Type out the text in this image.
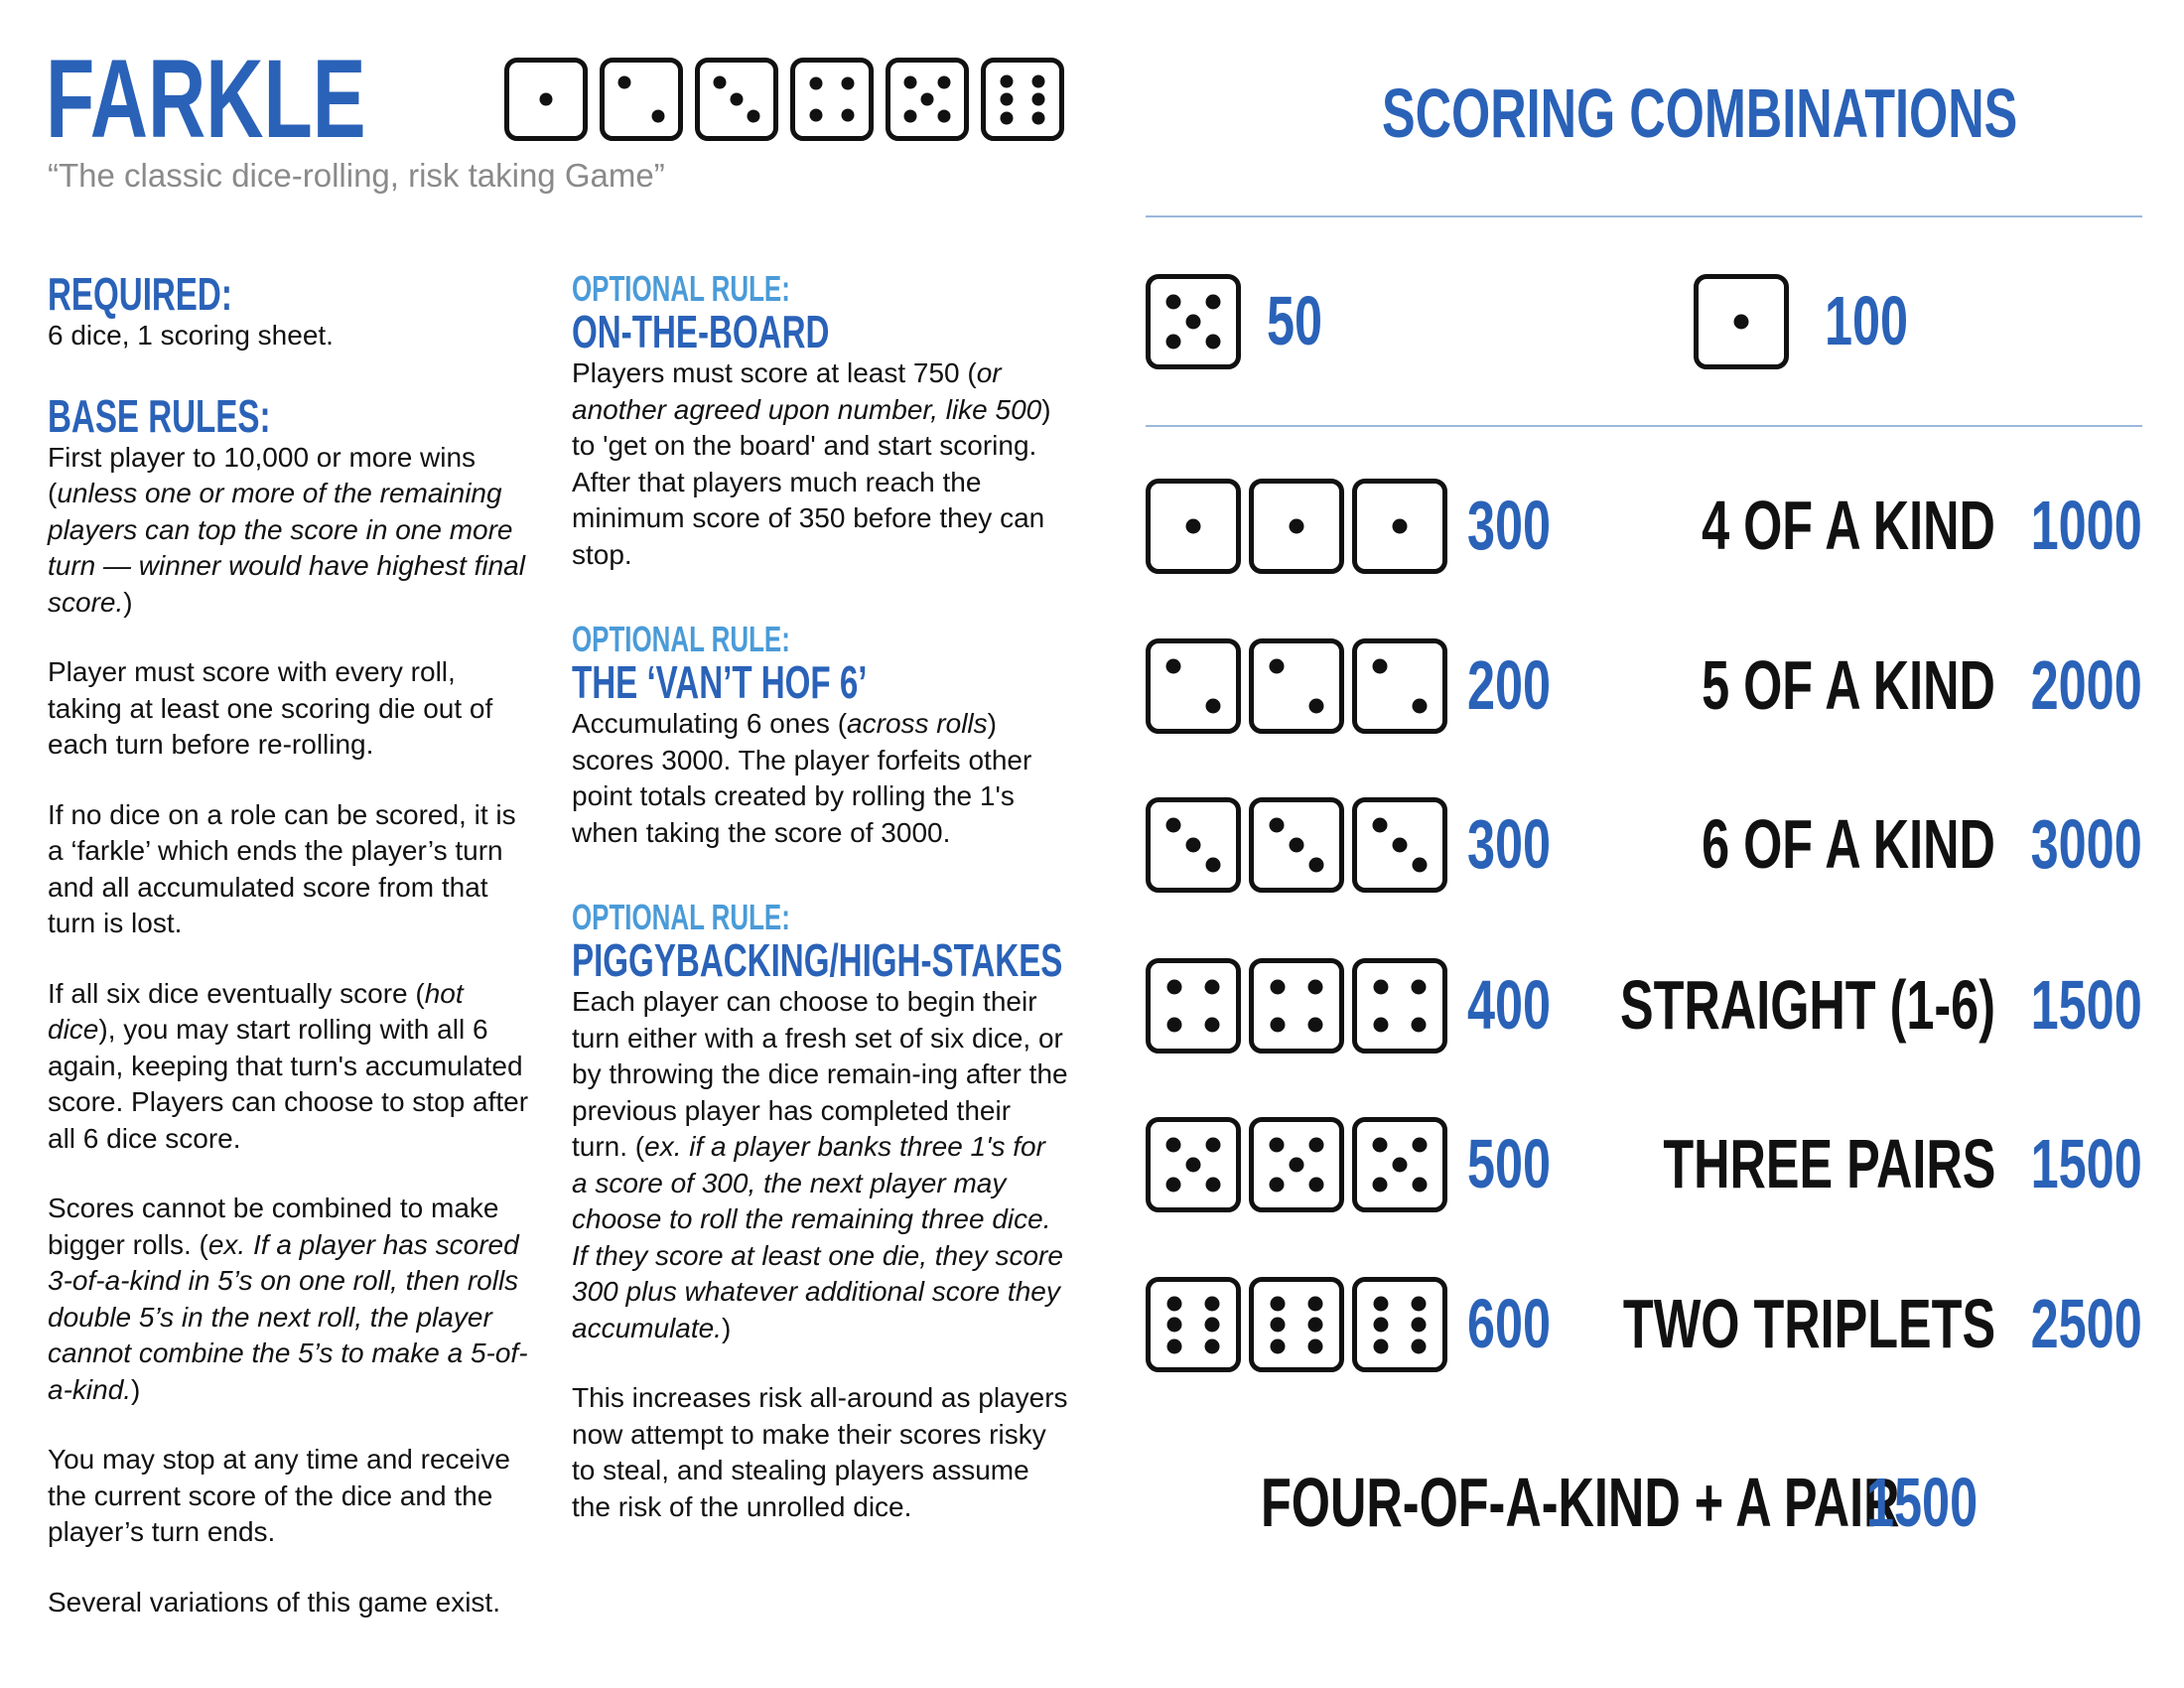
FARKLE
“The classic dice-rolling, risk taking Game”
REQUIRED:

6 dice, 1 scoring sheet.

BASE RULES:

First player to 10,000 or more wins (unless one or more of the remaining players can top the score in one more turn — winner would have highest final score.)

Player must score with every roll, taking at least one scoring die out of each turn before re-rolling.

If no dice on a role can be scored, it is a ‘farkle’ which ends the player’s turn and all accumulated score from that turn is lost.

If all six dice eventually score (hot dice), you may start rolling with all 6 again, keeping that turn's accumulated score. Players can choose to stop after all 6 dice score.

Scores cannot be combined to make bigger rolls. (ex. If a player has scored 3-of-a-kind in 5’s on one roll, then rolls double 5’s in the next roll, the player cannot combine the 5’s to make a 5-of-a-kind.)

You may stop at any time and receive the current score of the dice and the player’s turn ends.

Several variations of this game exist.

OPTIONAL RULE: ON-THE-BOARD

Players must score at least 750 (or another agreed upon number, like 500) to 'get on the board' and start scoring. After that players much reach the minimum score of 350 before they can stop.

OPTIONAL RULE: THE ‘VAN’T HOF 6’

Accumulating 6 ones (across rolls) scores 3000. The player forfeits other point totals created by rolling the 1's when taking the score of 3000.

OPTIONAL RULE: PIGGYBACKING/HIGH-STAKES

Each player can choose to begin their turn either with a fresh set of six dice, or by throwing the dice remain-ing after the previous player has completed their turn. (ex. if a player banks three 1's for a score of 300, the next player may choose to roll the remaining three dice. If they score at least one die, they score 300 plus whatever additional score they accumulate.)

This increases risk all-around as players now attempt to make their scores risky to steal, and stealing players assume the risk of the unrolled dice.

SCORING COMBINATIONS
50	100
300 4 OF A KIND 1000
200 5 OF A KIND 2000
300 6 OF A KIND 3000
400 STRAIGHT (1-6) 1500
500 THREE PAIRS 1500
600 TWO TRIPLETS 2500
FOUR-OF-A-KIND + A PAIR
1500
